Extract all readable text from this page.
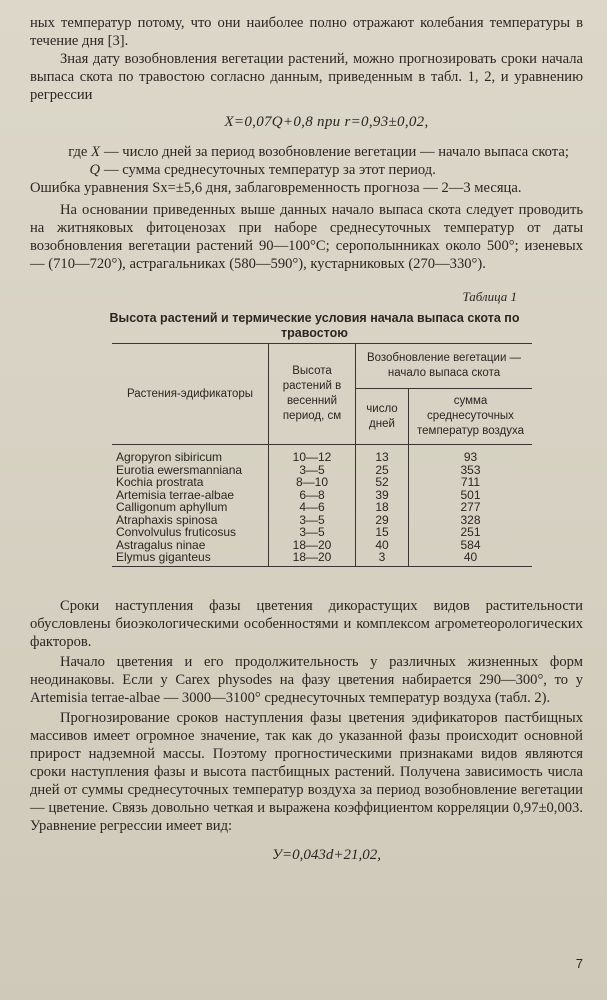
ных температур потому, что они наиболее полно отражают колебания температуры в течение дня [3].

Зная дату возобновления вегетации растений, можно прогнозировать сроки начала выпаса скота по травостою согласно данным, приведенным в табл. 1, 2, и уравнению регрессии

X=0,07Q+0,8 при r=0,93±0,02,
где X — число дней за период возобновление вегетации — начало выпаса скота;
Q — сумма среднесуточных температур за этот период.

Ошибка уравнения Sx=±5,6 дня, заблаговременность прогноза — 2—3 месяца.

На основании приведенных выше данных начало выпаса скота следует проводить на житняковых фитоценозах при наборе среднесуточных температур от даты возобновления вегетации растений 90—100°C; серополынниках около 500°; изеневых — (710—720°), астрагальниках (580—590°), кустарниковых (270—330°).

Таблица 1
Высота растений и термические условия начала выпаса скота по травостою
Растения-эдификаторы	Высота растений в весенний период, см	Возобновление вегетации — начало выпаса скота	
		число дней	сумма среднесуточных температур воздуха
Agropyron sibiricum	10—12	13	93
Eurotia ewersmanniana	3—5	25	353
Kochia prostrata	8—10	52	711
Artemisia terrae-albae	6—8	39	501
Calligonum aphyllum	4—6	18	277
Atraphaxis spinosa	3—5	29	328
Convolvulus fruticosus	3—5	15	251
Astragalus ninae	18—20	40	584
Elymus giganteus	18—20	3	40

Сроки наступления фазы цветения дикорастущих видов растительности обусловлены биоэкологическими особенностями и комплексом агрометеорологических факторов.

Начало цветения и его продолжительность у различных жизненных форм неодинаковы. Если у Carex physodes на фазу цветения набирается 290—300°, то у Artemisia terrae-albae — 3000—3100° среднесуточных температур воздуха (табл. 2).

Прогнозирование сроков наступления фазы цветения эдификаторов пастбищных массивов имеет огромное значение, так как до указанной фазы происходит основной прирост надземной массы. Поэтому прогностическими признаками видов являются сроки наступления фазы и высота пастбищных растений. Получена зависимость числа дней от суммы среднесуточных температур воздуха за период возобновление вегетации — цветение. Связь довольно четкая и выражена коэффициентом корреляции 0,97±0,003. Уравнение регрессии имеет вид:

У=0,043d+21,02,
7
